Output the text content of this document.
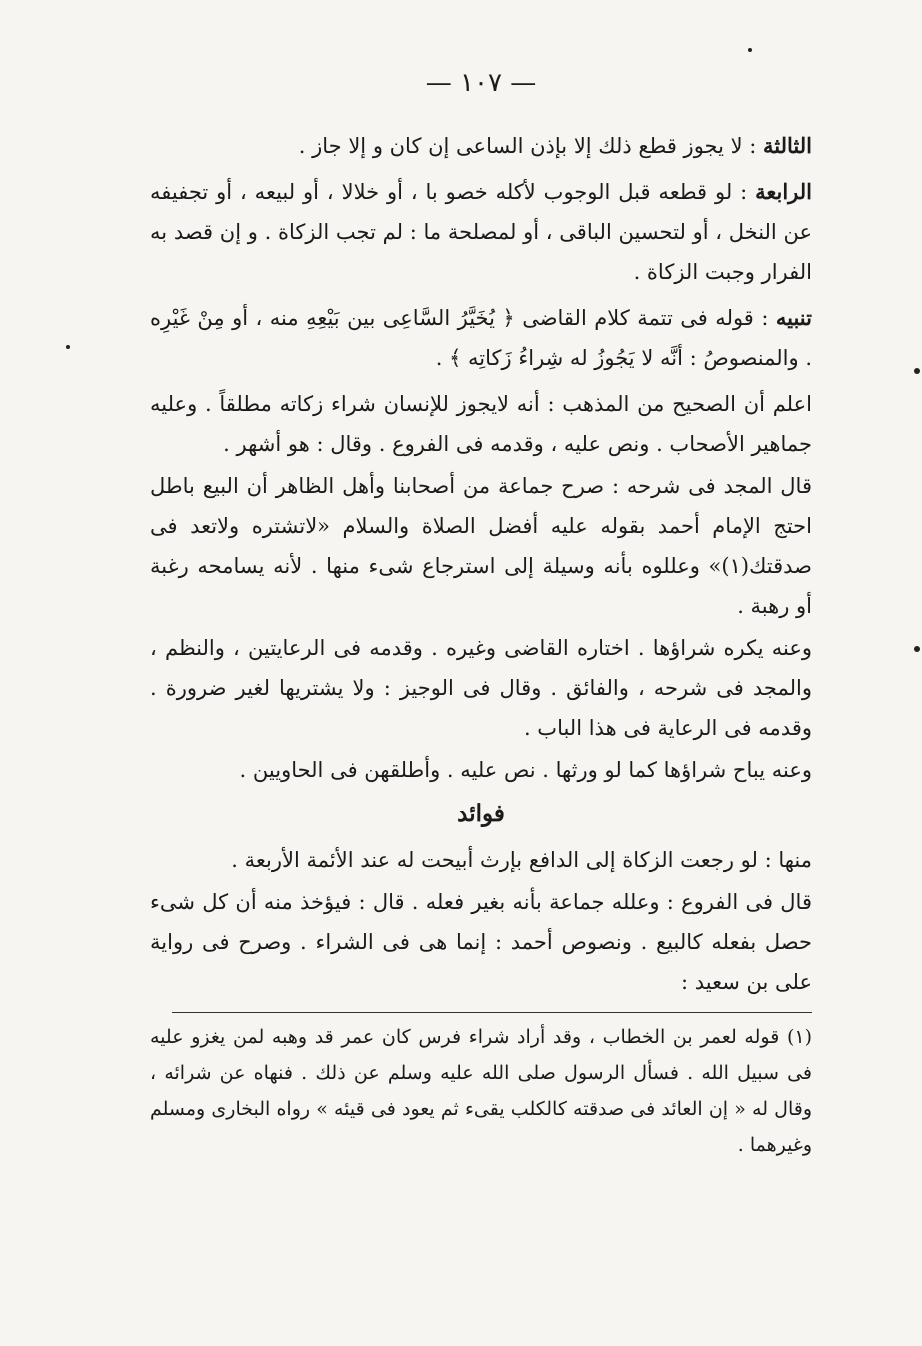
— ١٠٧ —

الثالثة : لا يجوز قطع ذلك إلا بإذن الساعى إن كان و إلا جاز .

الرابعة : لو قطعه قبل الوجوب لأكله خصو با ، أو خلالا ، أو لبيعه ، أو تجفيفه عن النخل ، أو لتحسين الباقى ، أو لمصلحة ما : لم تجب الزكاة . و إن قصد به الفرار وجبت الزكاة .

تنبيه : قوله فى تتمة كلام القاضى ﴿ يُخَيَّرُ السَّاعِى بين بَيْعِهِ منه ، أو مِنْ غَيْرِه . والمنصوصُ : أنَّه لا يَجُوزُ له شِراءُ زَكاتِه ﴾ .

اعلم أن الصحيح من المذهب : أنه لايجوز للإنسان شراء زكاته مطلقاً . وعليه جماهير الأصحاب . ونص عليه ، وقدمه فى الفروع . وقال : هو أشهر .

قال المجد فى شرحه : صرح جماعة من أصحابنا وأهل الظاهر أن البيع باطل احتج الإمام أحمد بقوله عليه أفضل الصلاة والسلام «لاتشتره ولاتعد فى صدقتك(١)» وعللوه بأنه وسيلة إلى استرجاع شىء منها . لأنه يسامحه رغبة أو رهبة .

وعنه يكره شراؤها . اختاره القاضى وغيره . وقدمه فى الرعايتين ، والنظم ، والمجد فى شرحه ، والفائق . وقال فى الوجيز : ولا يشتريها لغير ضرورة . وقدمه فى الرعاية فى هذا الباب .

وعنه يباح شراؤها كما لو ورثها . نص عليه . وأطلقهن فى الحاويين .

فوائد

منها : لو رجعت الزكاة إلى الدافع بإرث أبيحت له عند الأئمة الأربعة .

قال فى الفروع : وعلله جماعة بأنه بغير فعله . قال : فيؤخذ منه أن كل شىء حصل بفعله كالبيع . ونصوص أحمد : إنما هى فى الشراء . وصرح فى رواية على بن سعيد :

(١) قوله لعمر بن الخطاب ، وقد أراد شراء فرس كان عمر قد وهبه لمن يغزو عليه فى سبيل الله . فسأل الرسول صلى الله عليه وسلم عن ذلك . فنهاه عن شرائه ، وقال له « إن العائد فى صدقته كالكلب يقىء ثم يعود فى قيئه » رواه البخارى ومسلم وغيرهما .
